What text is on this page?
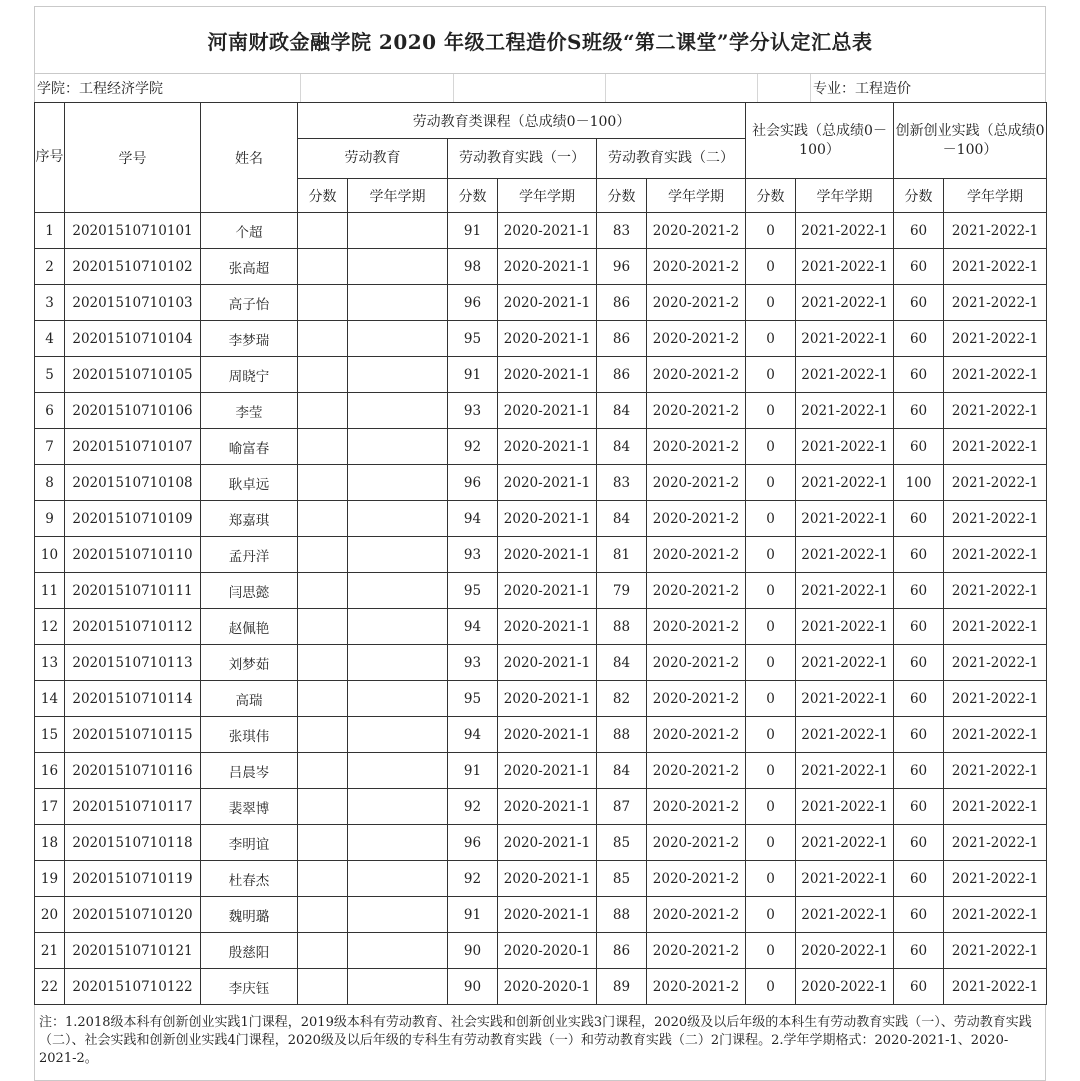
河南财政金融学院 2020 年级工程造价S班级“第二课堂”学分认定汇总表
学院：工程经济学院	专业：工程造价
序号	学号	姓名	劳动教育类课程（总成绩0－100）						社会实践（总成绩0－100）		创新创业实践（总成绩0－100）	
			劳动教育		劳动教育实践（一）		劳动教育实践（二）					
			分数	学年学期	分数	学年学期	分数	学年学期	分数	学年学期	分数	学年学期
1	20201510710101	个超			91	2020-2021-1	83	2020-2021-2	0	2021-2022-1	60	2021-2022-1
2	20201510710102	张高超			98	2020-2021-1	96	2020-2021-2	0	2021-2022-1	60	2021-2022-1
3	20201510710103	高子怡			96	2020-2021-1	86	2020-2021-2	0	2021-2022-1	60	2021-2022-1
4	20201510710104	李梦瑞			95	2020-2021-1	86	2020-2021-2	0	2021-2022-1	60	2021-2022-1
5	20201510710105	周晓宁			91	2020-2021-1	86	2020-2021-2	0	2021-2022-1	60	2021-2022-1
6	20201510710106	李莹			93	2020-2021-1	84	2020-2021-2	0	2021-2022-1	60	2021-2022-1
7	20201510710107	喻富春			92	2020-2021-1	84	2020-2021-2	0	2021-2022-1	60	2021-2022-1
8	20201510710108	耿卓远			96	2020-2021-1	83	2020-2021-2	0	2021-2022-1	100	2021-2022-1
9	20201510710109	郑嘉琪			94	2020-2021-1	84	2020-2021-2	0	2021-2022-1	60	2021-2022-1
10	20201510710110	孟丹洋			93	2020-2021-1	81	2020-2021-2	0	2021-2022-1	60	2021-2022-1
11	20201510710111	闫思懿			95	2020-2021-1	79	2020-2021-2	0	2021-2022-1	60	2021-2022-1
12	20201510710112	赵佩艳			94	2020-2021-1	88	2020-2021-2	0	2021-2022-1	60	2021-2022-1
13	20201510710113	刘梦茹			93	2020-2021-1	84	2020-2021-2	0	2021-2022-1	60	2021-2022-1
14	20201510710114	高瑞			95	2020-2021-1	82	2020-2021-2	0	2021-2022-1	60	2021-2022-1
15	20201510710115	张琪伟			94	2020-2021-1	88	2020-2021-2	0	2021-2022-1	60	2021-2022-1
16	20201510710116	吕晨岑			91	2020-2021-1	84	2020-2021-2	0	2021-2022-1	60	2021-2022-1
17	20201510710117	裴翠博			92	2020-2021-1	87	2020-2021-2	0	2021-2022-1	60	2021-2022-1
18	20201510710118	李明谊			96	2020-2021-1	85	2020-2021-2	0	2021-2022-1	60	2021-2022-1
19	20201510710119	杜春杰			92	2020-2021-1	85	2020-2021-2	0	2021-2022-1	60	2021-2022-1
20	20201510710120	魏明璐			91	2020-2021-1	88	2020-2021-2	0	2021-2022-1	60	2021-2022-1
21	20201510710121	殷慈阳			90	2020-2020-1	86	2020-2021-2	0	2020-2022-1	60	2021-2022-1
22	20201510710122	李庆钰			90	2020-2020-1	89	2020-2021-2	0	2020-2022-1	60	2021-2022-1
注：1.2018级本科有创新创业实践1门课程，2019级本科有劳动教育、社会实践和创新创业实践3门课程，2020级及以后年级的本科生有劳动教育实践（一）、劳动教育实践（二）、社会实践和创新创业实践4门课程，2020级及以后年级的专科生有劳动教育实践（一）和劳动教育实践（二）2门课程。2.学年学期格式：2020-2021-1、2020-2021-2。
